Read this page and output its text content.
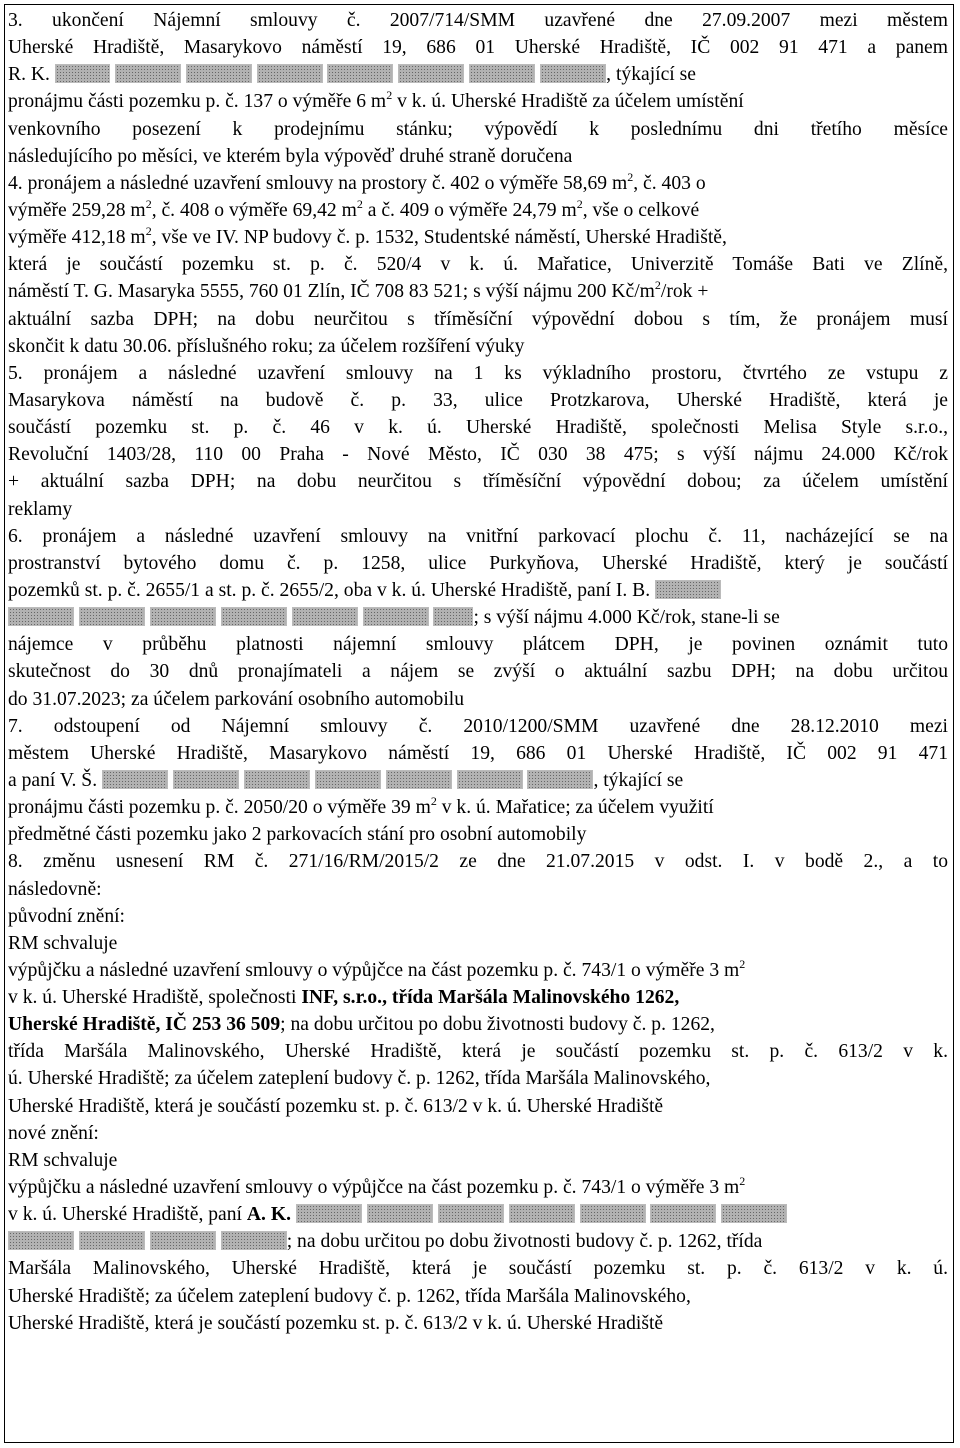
3. ukončení Nájemní smlouvy č. 2007/714/SMM uzavřené dne 27.09.2007 mezi městem
Uherské Hradiště, Masarykovo náměstí 19, 686 01 Uherské Hradiště, IČ 002 91 471 a panem
R. K.	, týkající se
pronájmu části pozemku p. č. 137 o výměře 6 $m^2$ v k. ú. Uherské Hradiště za účelem umístění
venkovního posezení k prodejnímu stánku; výpovědí k poslednímu dni třetího měsíce
následujícího po měsíci, ve kterém byla výpověď druhé straně doručena
4. pronájem a následné uzavření smlouvy na prostory č. 402 o výměře 58,69 $m^2$, č. 403 o
výměře 259,28 $m^2$, č. 408 o výměře 69,42 $m^2$ a č. 409 o výměře 24,79 $m^2$, vše o celkové
výměře 412,18 $m^2$, vše ve IV. NP budovy č. p. 1532, Studentské náměstí, Uherské Hradiště,
která je součástí pozemku st. p. č. 520/4 v k. ú. Mařatice, Univerzitě Tomáše Bati ve Zlíně,
náměstí T. G. Masaryka 5555, 760 01 Zlín, IČ 708 83 521; s výší nájmu 200 $Kč/m^2$/rok +
aktuální sazba DPH; na dobu neurčitou s tříměsíční výpovědní dobou s tím, že pronájem musí
skončit k datu 30.06. příslušného roku; za účelem rozšíření výuky
5. pronájem a následné uzavření smlouvy na 1 ks výkladního prostoru, čtvrtého ze vstupu z
Masarykova náměstí na budově č. p. 33, ulice Protzkarova, Uherské Hradiště, která je
součástí pozemku st. p. č. 46 v k. ú. Uherské Hradiště, společnosti Melisa Style s.r.o.,
Revoluční 1403/28, 110 00 Praha - Nové Město, IČ 030 38 475; s výší nájmu 24.000 Kč/rok
+ aktuální sazba DPH; na dobu neurčitou s tříměsíční výpovědní dobou; za účelem umístění
reklamy
6. pronájem a následné uzavření smlouvy na vnitřní parkovací plochu č. 11, nacházející se na
prostranství bytového domu č. p. 1258, ulice Purkyňova, Uherské Hradiště, který je součástí
pozemků st. p. č. 2655/1 a st. p. č. 2655/2, oba v k. ú. Uherské Hradiště, paní I. B.
; s výší nájmu 4.000 Kč/rok, stane-li se
nájemce v průběhu platnosti nájemní smlouvy plátcem DPH, je povinen oznámit tuto
skutečnost do 30 dnů pronajímateli a nájem se zvýší o aktuální sazbu DPH; na dobu určitou
do 31.07.2023; za účelem parkování osobního automobilu
7. odstoupení od Nájemní smlouvy č. 2010/1200/SMM uzavřené dne 28.12.2010 mezi
městem Uherské Hradiště, Masarykovo náměstí 19, 686 01 Uherské Hradiště, IČ 002 91 471
a paní V. Š.	, týkající se
pronájmu části pozemku p. č. 2050/20 o výměře 39 $m^2$ v k. ú. Mařatice; za účelem využití
předmětné části pozemku jako 2 parkovacích stání pro osobní automobily
8. změnu usnesení RM č. 271/16/RM/2015/2 ze dne 21.07.2015 v odst. I. v bodě 2., a to
následovně:
původní znění:
RM schvaluje
výpůjčku a následné uzavření smlouvy o výpůjčce na část pozemku p. č. 743/1 o výměře 3 $m^2$
v k. ú. Uherské Hradiště, společnosti INF, s.r.o., třída Maršála Malinovského 1262,
Uherské Hradiště, IČ 253 36 509; na dobu určitou po dobu životnosti budovy č. p. 1262,
třída Maršála Malinovského, Uherské Hradiště, která je součástí pozemku st. p. č. 613/2 v k.
ú. Uherské Hradiště; za účelem zateplení budovy č. p. 1262, třída Maršála Malinovského,
Uherské Hradiště, která je součástí pozemku st. p. č. 613/2 v k. ú. Uherské Hradiště
nové znění:
RM schvaluje
výpůjčku a následné uzavření smlouvy o výpůjčce na část pozemku p. č. 743/1 o výměře 3 $m^2$
v k. ú. Uherské Hradiště, paní A. K.
; na dobu určitou po dobu životnosti budovy č. p. 1262, třída
Maršála Malinovského, Uherské Hradiště, která je součástí pozemku st. p. č. 613/2 v k. ú.
Uherské Hradiště; za účelem zateplení budovy č. p. 1262, třída Maršála Malinovského,
Uherské Hradiště, která je součástí pozemku st. p. č. 613/2 v k. ú. Uherské Hradiště
